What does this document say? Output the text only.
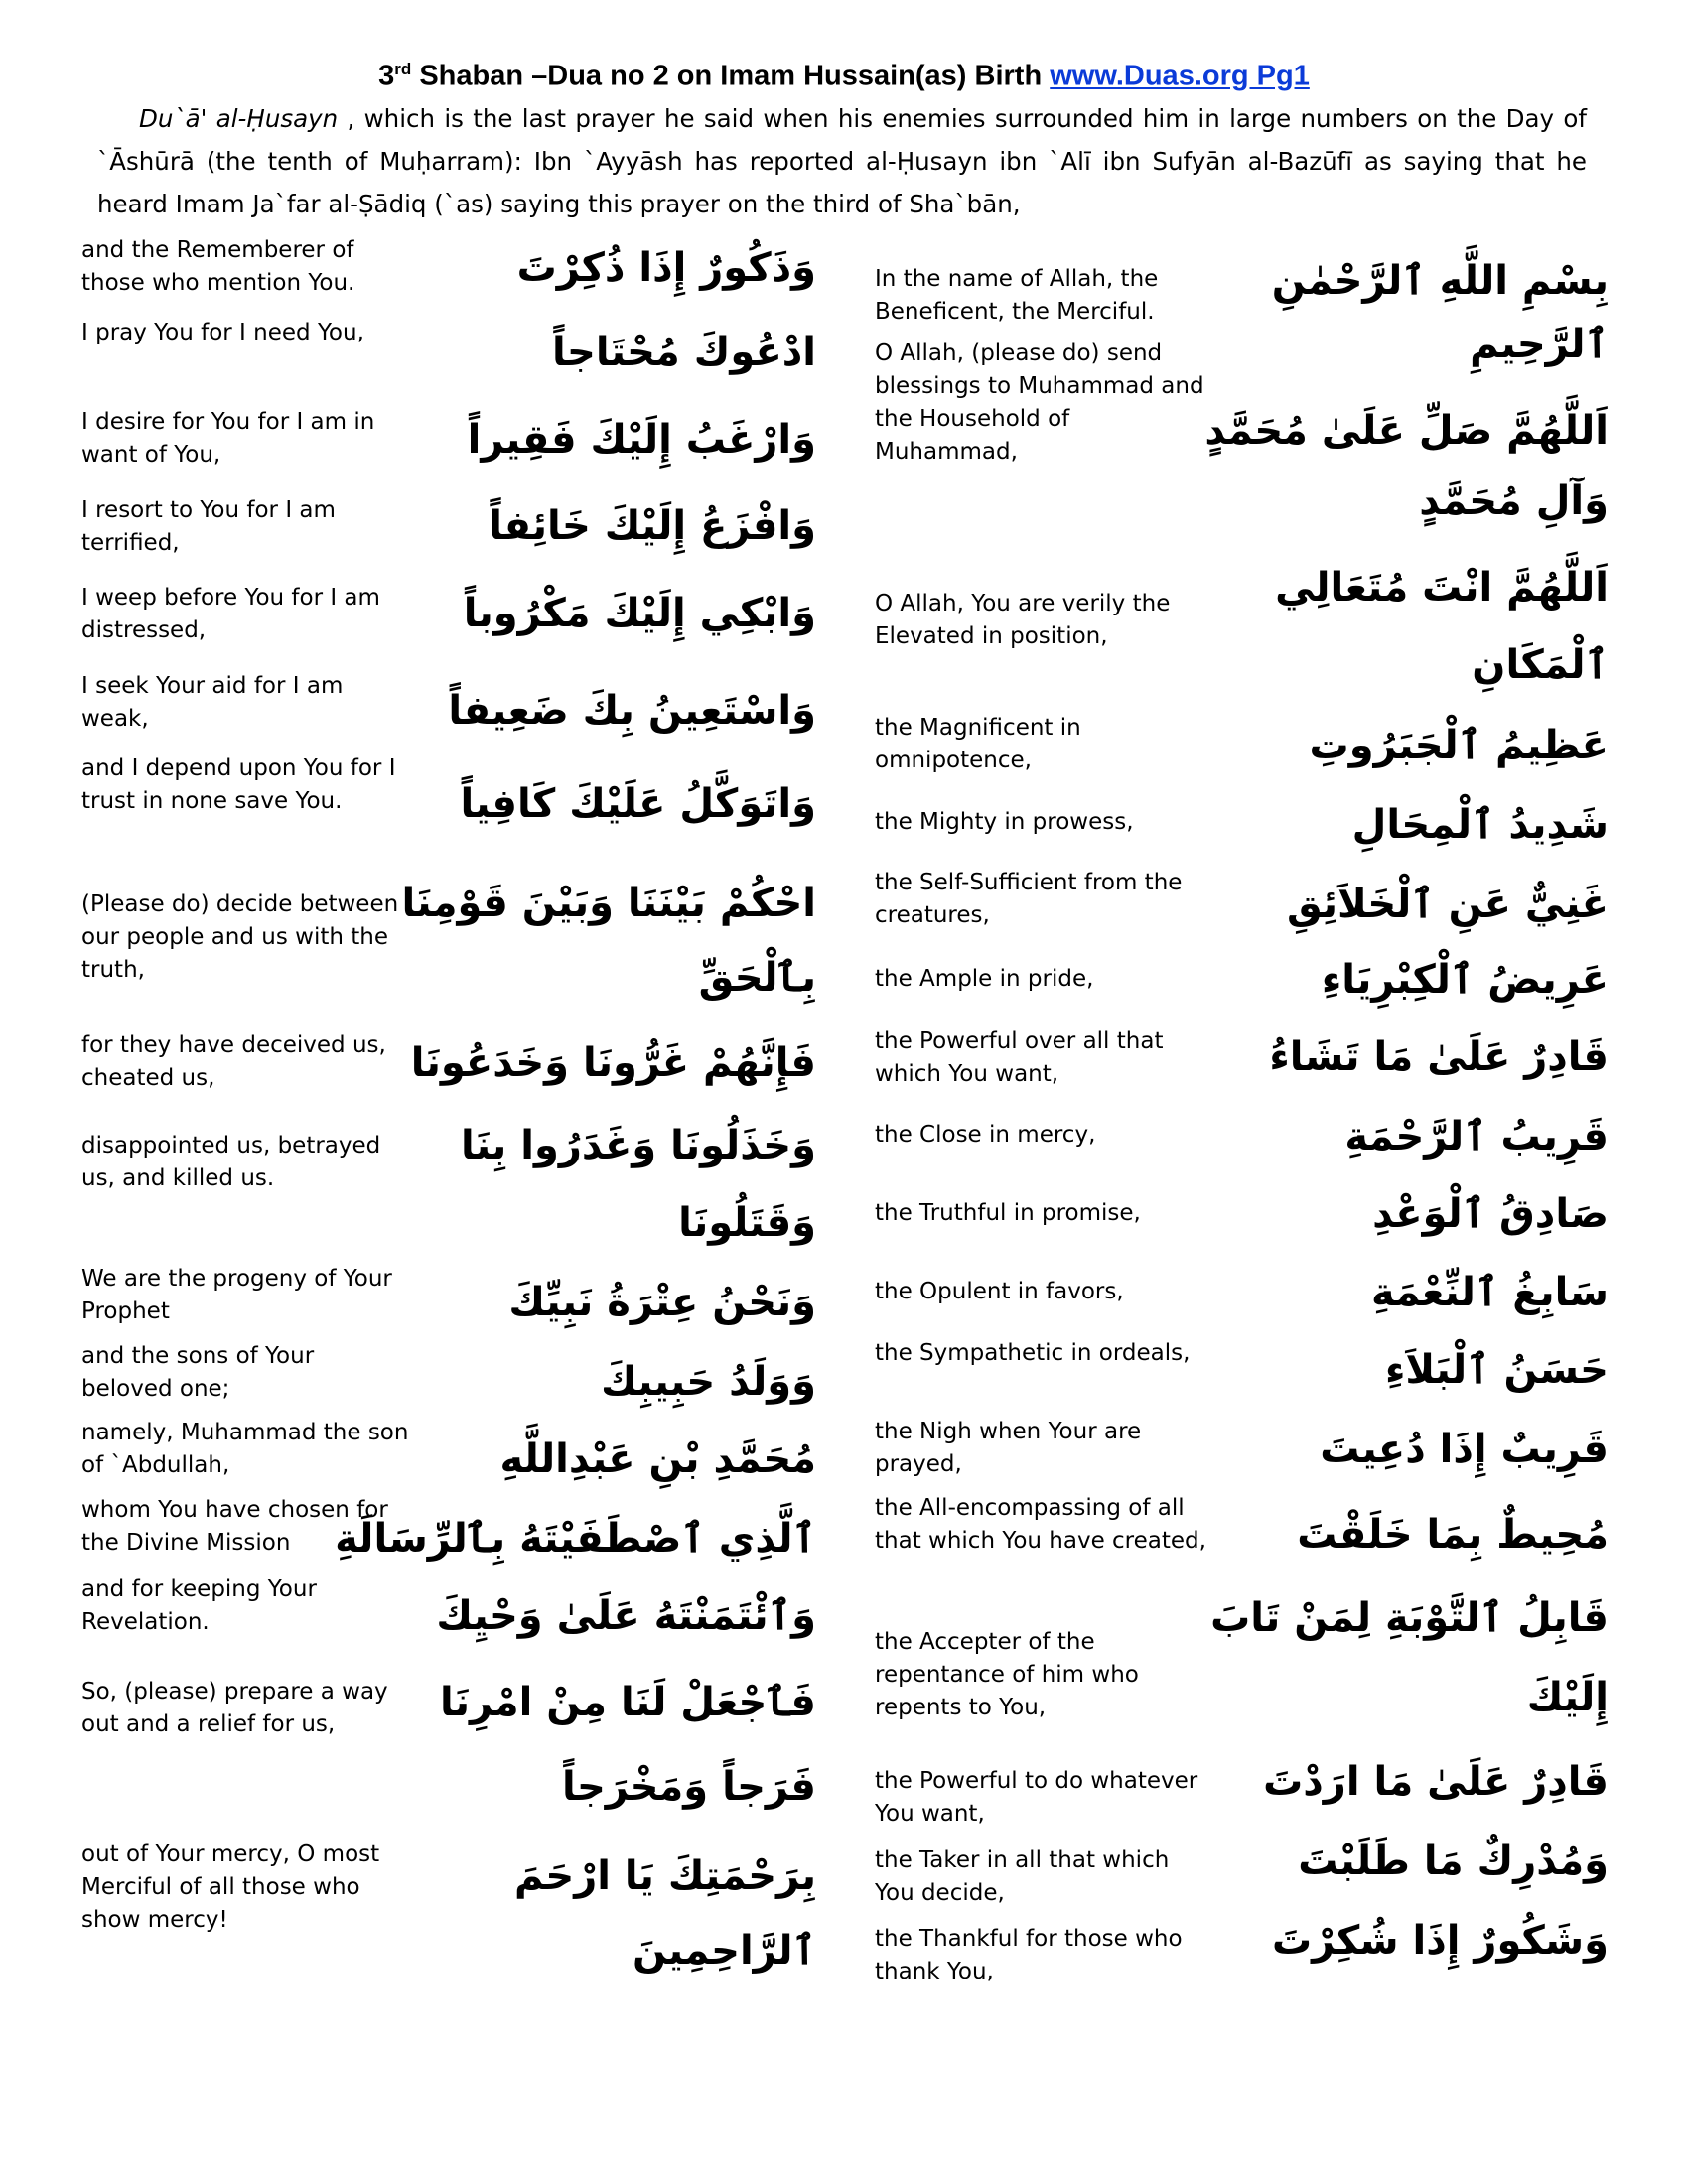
3rd Shaban –Dua no 2 on Imam Hussain(as) Birth www.Duas.org Pg1
Du`ā' al-Ḥusayn , which is the last prayer he said when his enemies surrounded him in large numbers on the Day of `Āshūrā (the tenth of Muḥarram): Ibn `Ayyāsh has reported al-Ḥusayn ibn `Alī ibn Sufyān al-Bazūfī as saying that he heard Imam Ja`far al-Ṣādiq (`as) saying this prayer on the third of Sha`bān,
بِسْمِ اللَّهِ ٱلرَّحْمٰنِ
ٱلرَّحِيمِ
اَللَّهُمَّ صَلِّ عَلَىٰ مُحَمَّدٍ
وَآلِ مُحَمَّدٍ
اَللَّهُمَّ انْتَ مُتَعَالِي
ٱلْمَكَانِ
عَظِيمُ ٱلْجَبَرُوتِ
شَدِيدُ ٱلْمِحَالِ
غَنِيٌّ عَنِ ٱلْخَلاَئِقِ
عَرِيضُ ٱلْكِبْرِيَاءِ
قَادِرٌ عَلَىٰ مَا تَشَاءُ
قَرِيبُ ٱلرَّحْمَةِ
صَادِقُ ٱلْوَعْدِ
سَابِغُ ٱلنِّعْمَةِ
حَسَنُ ٱلْبَلاَءِ
قَرِيبٌ إِذَا دُعِيتَ
مُحِيطٌ بِمَا خَلَقْتَ
قَابِلُ ٱلتَّوْبَةِ لِمَنْ تَابَ
إِلَيْكَ
قَادِرٌ عَلَىٰ مَا ارَدْتَ
وَمُدْرِكٌ مَا طَلَبْتَ
وَشَكُورٌ إِذَا شُكِرْتَ
In the name of Allah, the Beneficent, the Merciful.
O Allah, (please do) send blessings to Muhammad and the Household of Muhammad,
O Allah, You are verily the Elevated in position,
the Magnificent in omnipotence,
the Mighty in prowess,
the Self-Sufficient from the creatures,
the Ample in pride,
the Powerful over all that which You want,
the Close in mercy,
the Truthful in promise,
the Opulent in favors,
the Sympathetic in ordeals,
the Nigh when Your are prayed,
the All-encompassing of all that which You have created,
the Accepter of the repentance of him who repents to You,
the Powerful to do whatever You want,
the Taker in all that which You decide,
the Thankful for those who thank You,
وَذَكُورٌ إِذَا ذُكِرْتَ
ادْعُوكَ مُحْتَاجاً
وَارْغَبُ إِلَيْكَ فَقِيراً
وَافْزَعُ إِلَيْكَ خَائِفاً
وَابْكِي إِلَيْكَ مَكْرُوباً
وَاسْتَعِينُ بِكَ ضَعِيفاً
وَاتَوَكَّلُ عَلَيْكَ كَافِياً
احْكُمْ بَيْنَنَا وَبَيْنَ قَوْمِنَا
بِٱلْحَقِّ
فَإِنَّهُمْ غَرُّونَا وَخَدَعُونَا
وَخَذَلُونَا وَغَدَرُوا بِنَا
وَقَتَلُونَا
وَنَحْنُ عِتْرَةُ نَبِيِّكَ
وَوَلَدُ حَبِيبِكَ
مُحَمَّدِ بْنِ عَبْدِاللَّهِ
ٱلَّذِي ٱصْطَفَيْتَهُ بِٱلرِّسَالَةِ
وَٱئْتَمَنْتَهُ عَلَىٰ وَحْيِكَ
فَٱجْعَلْ لَنَا مِنْ امْرِنَا
فَرَجاً وَمَخْرَجاً
بِرَحْمَتِكَ يَا ارْحَمَ
ٱلرَّاحِمِينَ
and the Rememberer of those who mention You.
I pray You for I need You,
I desire for You for I am in want of You,
I resort to You for I am terrified,
I weep before You for I am distressed,
I seek Your aid for I am weak,
and I depend upon You for I trust in none save You.
(Please do) decide between our people and us with the truth,
for they have deceived us, cheated us,
disappointed us, betrayed us, and killed us.
We are the progeny of Your Prophet
and the sons of Your beloved one;
namely, Muhammad the son of `Abdullah,
whom You have chosen for the Divine Mission
and for keeping Your Revelation.
So, (please) prepare a way out and a relief for us,
out of Your mercy, O most Merciful of all those who show mercy!
